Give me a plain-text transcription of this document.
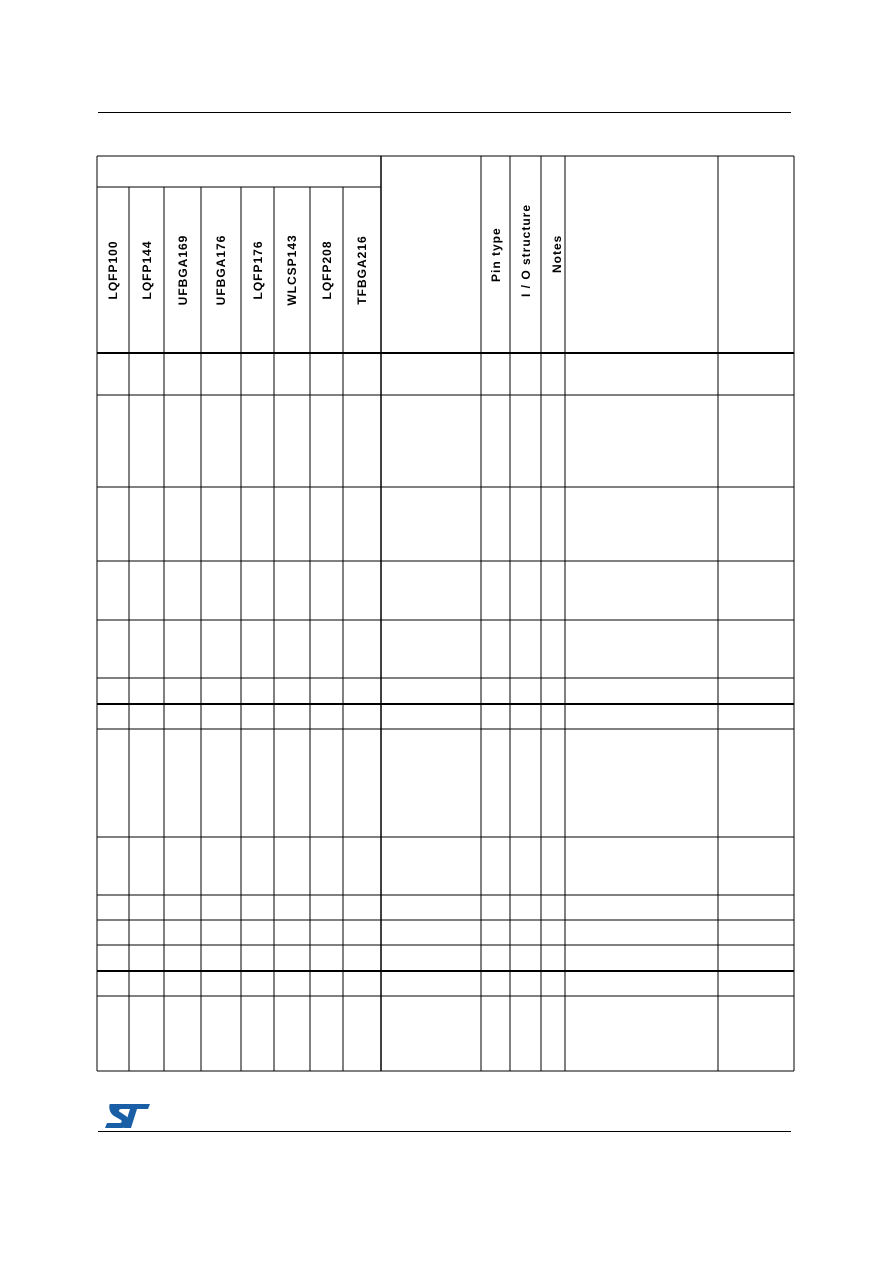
LQFP100 LQFP144 UFBGA169 UFBGA176 LQFP176 WLCSP143 LQFP208 TFBGA216	Pin type I / O structure Notes
